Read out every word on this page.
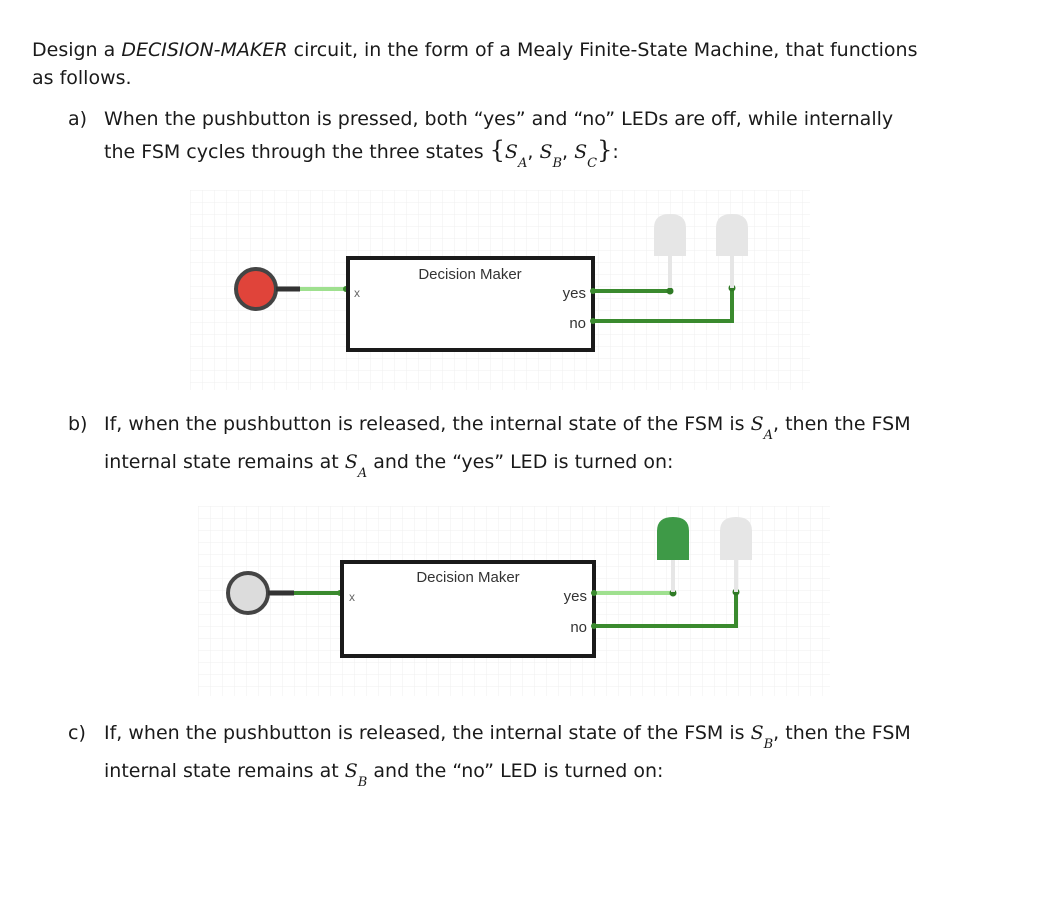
Design a DECISION-MAKER circuit, in the form of a Mealy Finite-State Machine, that functions
as follows.
a) When the pushbutton is pressed, both “yes” and “no” LEDs are off, while internally
the FSM cycles through the three states {$S_A$, $S_B$, $S_C$}:
Decision Maker
x	yes
no
b) If, when the pushbutton is released, the internal state of the FSM is $S_A$, then the FSM
internal state remains at $S_A$ and the “yes” LED is turned on:
Decision Maker
x	yes
no
c) If, when the pushbutton is released, the internal state of the FSM is $S_B$, then the FSM
internal state remains at $S_B$ and the “no” LED is turned on:
